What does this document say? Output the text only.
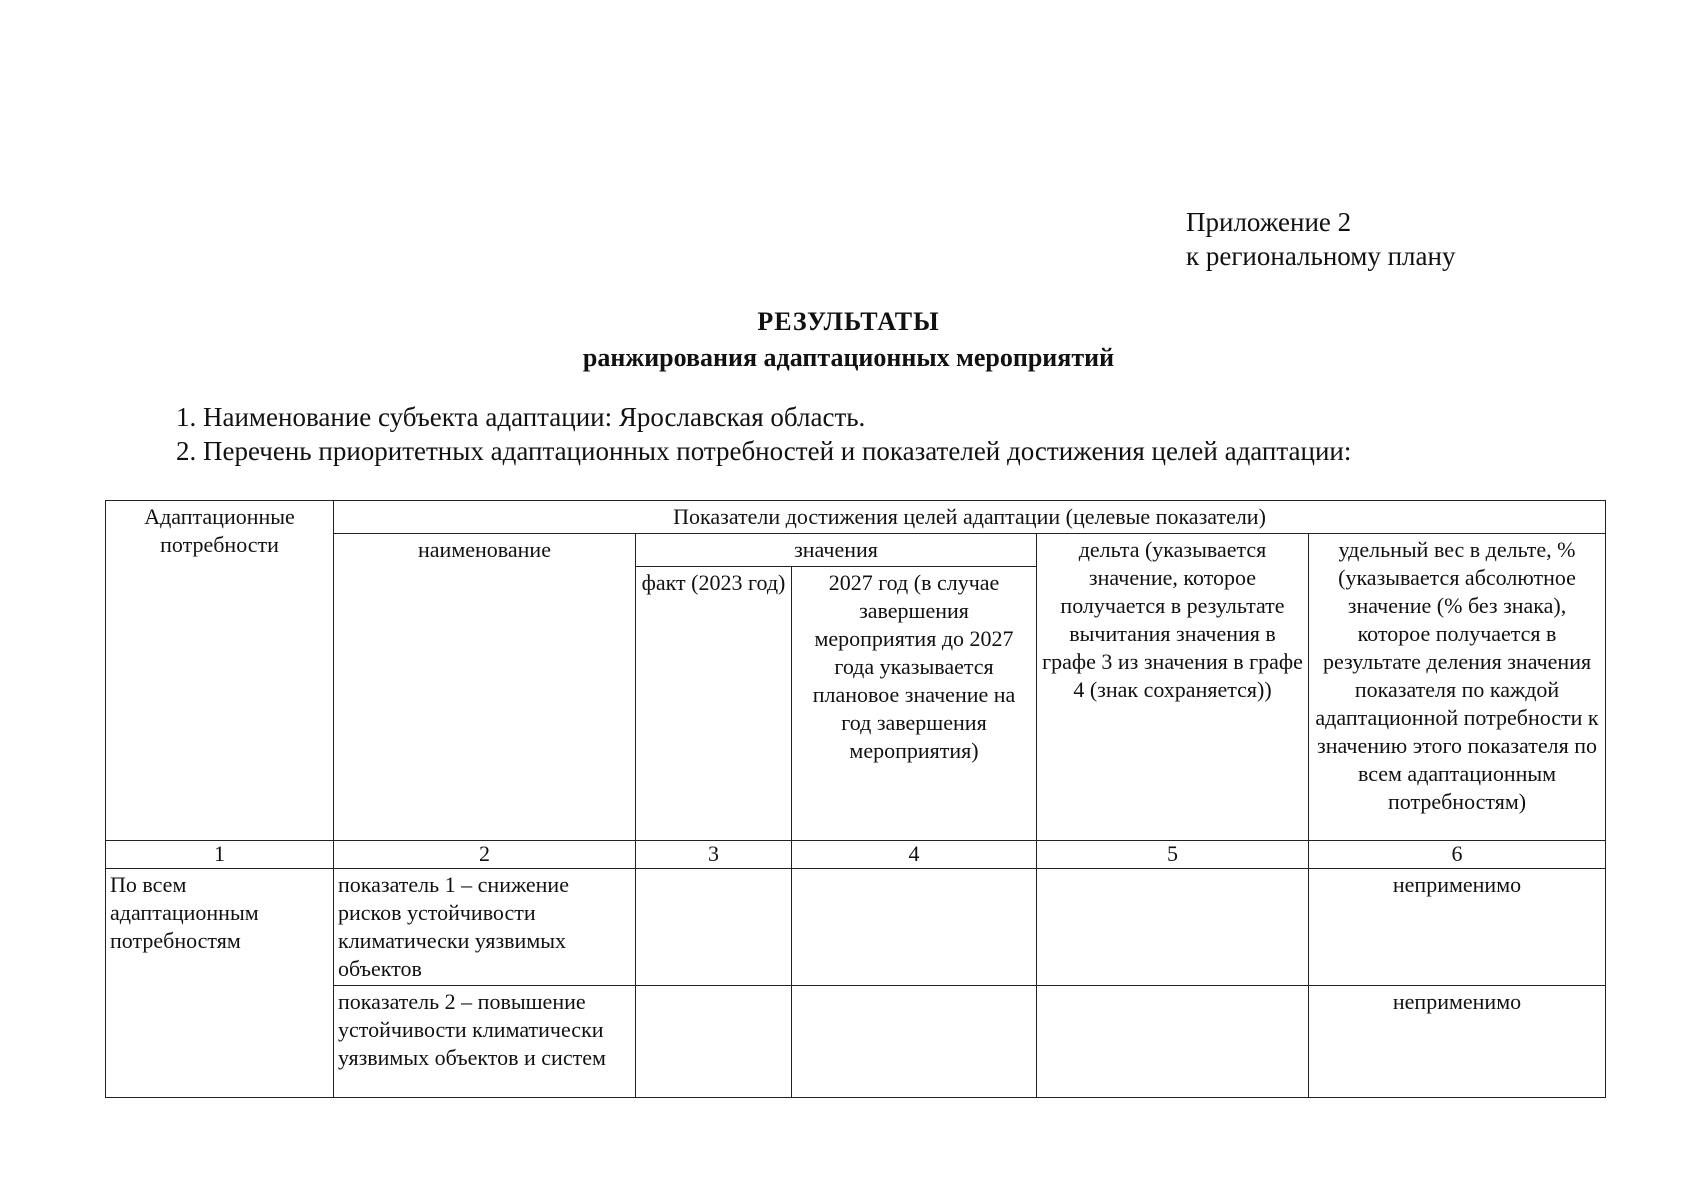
Приложение 2
к региональному плану
РЕЗУЛЬТАТЫ
ранжирования адаптационных мероприятий
1. Наименование субъекта адаптации: Ярославская область.
2. Перечень приоритетных адаптационных потребностей и показателей достижения целей адаптации:
Адаптационные потребности	Показатели достижения целей адаптации (целевые показатели)				
	наименование	значения		дельта (указывается значение, которое получается в результате вычитания значения в графе 3 из значения в графе 4 (знак сохраняется))	удельный вес в дельте, % (указывается абсолютное значение (% без знака), которое получается в результате деления значения показателя по каждой адаптационной потребности к значению этого показателя по всем адаптационным потребностям)
		факт (2023 год)	2027 год (в случае завершения мероприятия до 2027 года указывается плановое значение на год завершения мероприятия)		
1	2	3	4	5	6
По всем адаптационным потребностям	показатель 1 – снижение рисков устойчивости климатически уязвимых объектов				неприменимо
	показатель 2 – повышение устойчивости климатически уязвимых объектов и систем				неприменимо
